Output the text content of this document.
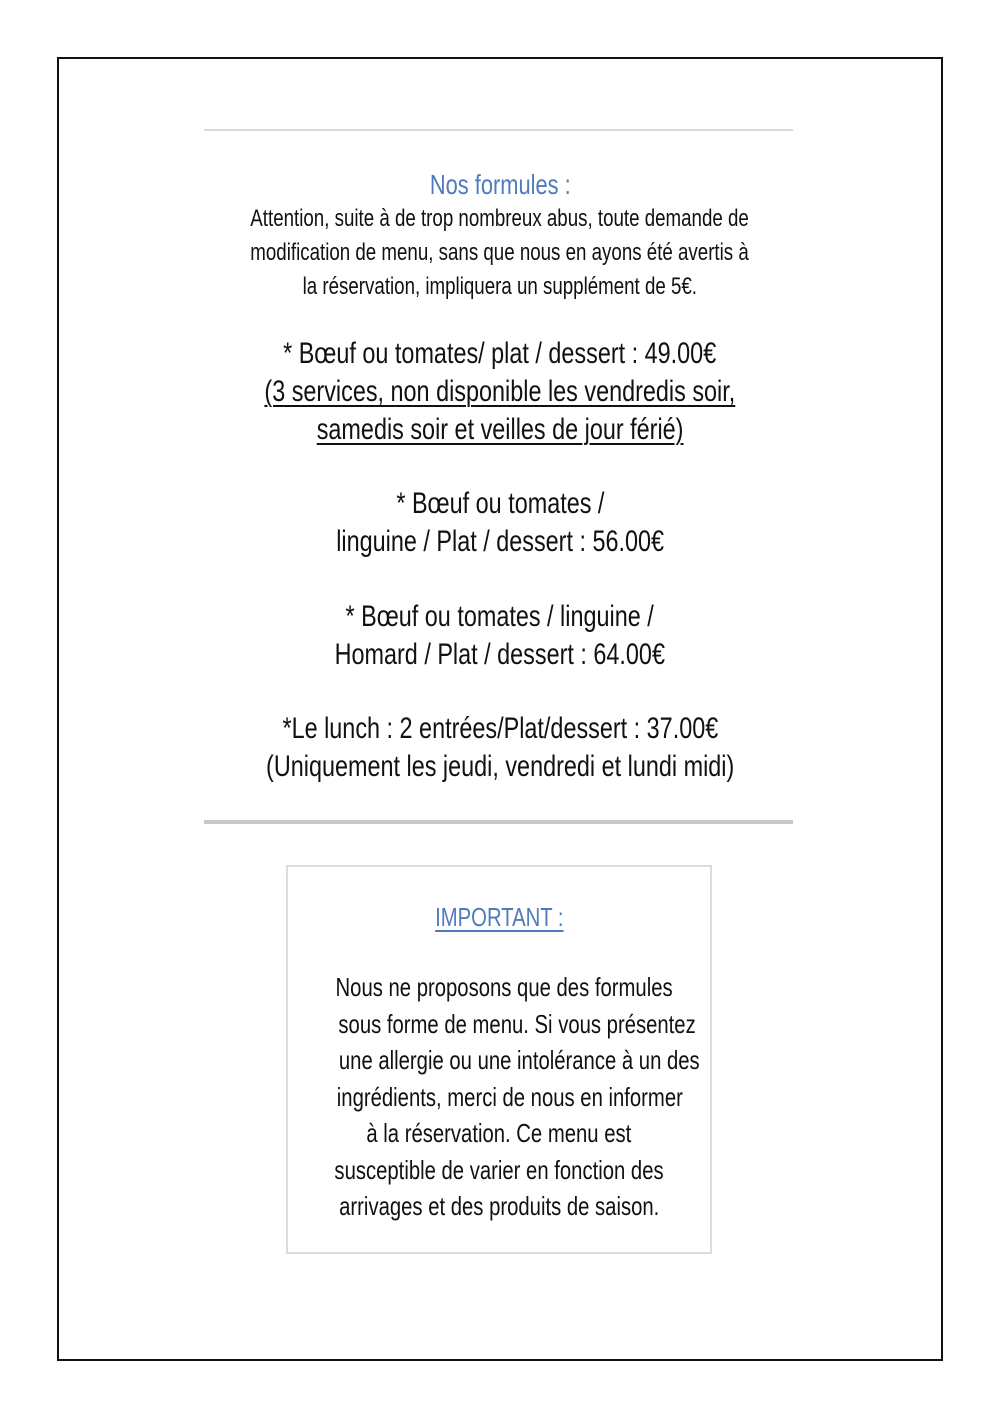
Nos formules :
Attention, suite à de trop nombreux abus, toute demande de
modification de menu, sans que nous en ayons été avertis à
la réservation, impliquera un supplément de 5€.
* Bœuf ou tomates/ plat / dessert : 49.00€
(3 services, non disponible les vendredis soir,
samedis soir et veilles de jour férié)
* Bœuf ou tomates /
linguine / Plat / dessert : 56.00€
* Bœuf ou tomates / linguine /
Homard / Plat / dessert : 64.00€
*Le lunch : 2 entrées/Plat/dessert : 37.00€
(Uniquement les jeudi, vendredi et lundi midi)
IMPORTANT :
Nous ne proposons que des formules
sous forme de menu. Si vous présentez
une allergie ou une intolérance à un des
ingrédients, merci de nous en informer
à la réservation. Ce menu est
susceptible de varier en fonction des
arrivages et des produits de saison.
